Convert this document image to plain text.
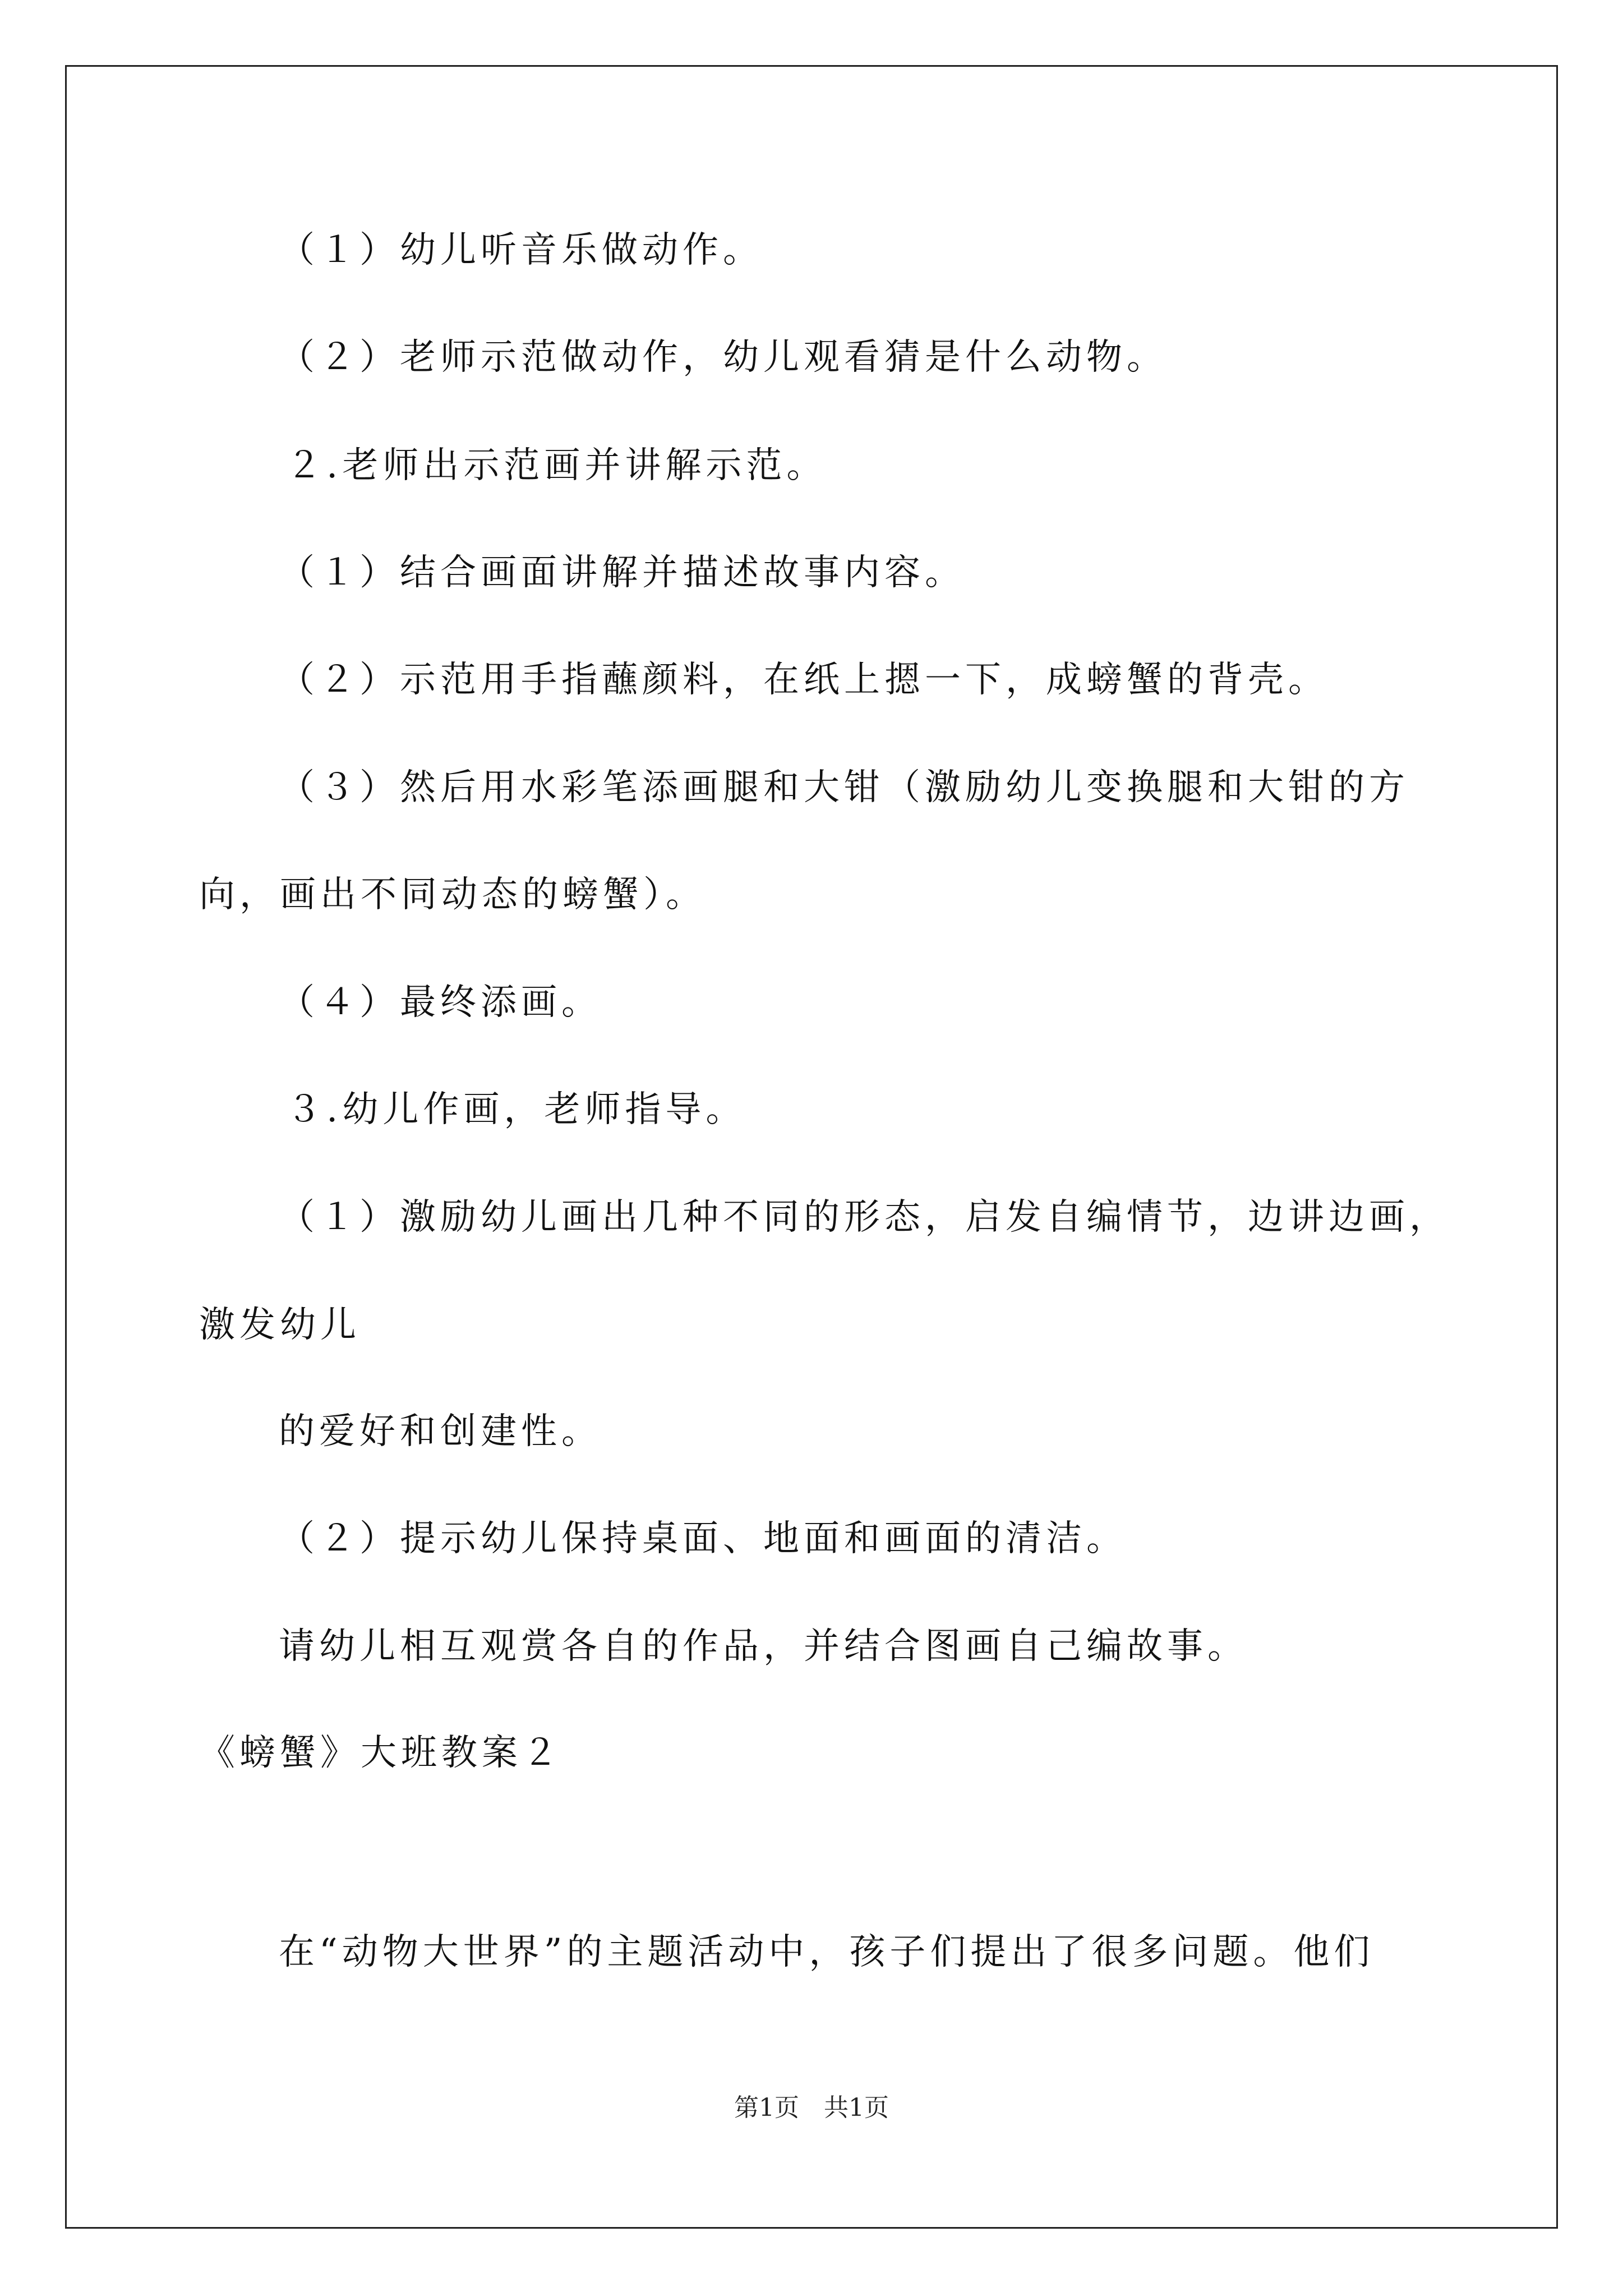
（１）幼儿听音乐做动作。
（２）老师示范做动作，幼儿观看猜是什么动物。
２.老师出示范画并讲解示范。
（１）结合画面讲解并描述故事内容。
（２）示范用手指蘸颜料，在纸上摁一下，成螃蟹的背壳。
（３）然后用水彩笔添画腿和大钳（激励幼儿变换腿和大钳的方
向，画出不同动态的螃蟹）。
（４）最终添画。
３.幼儿作画，老师指导。
（１）激励幼儿画出几种不同的形态，启发自编情节，边讲边画，
激发幼儿
的爱好和创建性。
（２）提示幼儿保持桌面、地面和画面的清洁。
请幼儿相互观赏各自的作品，并结合图画自己编故事。
《螃蟹》大班教案２
在“动物大世界”的主题活动中，孩子们提出了很多问题。他们
第1页　共1页
